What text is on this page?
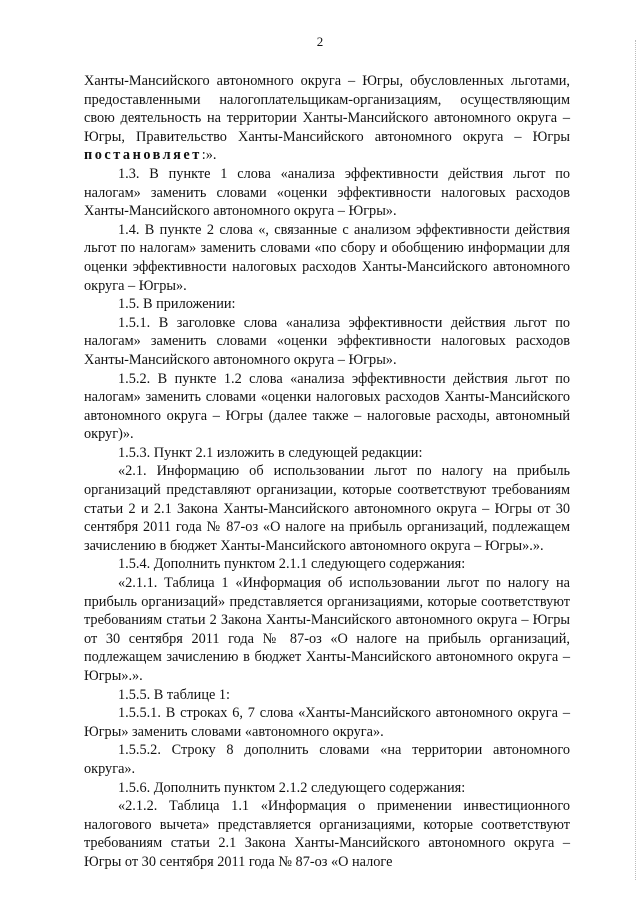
2

Ханты-Мансийского автономного округа – Югры, обусловленных льготами, предоставленными налогоплательщикам-организациям, осуществляющим свою деятельность на территории Ханты-Мансийского автономного округа – Югры, Правительство Ханты-Мансийского автономного округа – Югры постановляет:».

1.3. В пункте 1 слова «анализа эффективности действия льгот по налогам» заменить словами «оценки эффективности налоговых расходов Ханты-Мансийского автономного округа – Югры».

1.4. В пункте 2 слова «, связанные с анализом эффективности действия льгот по налогам» заменить словами «по сбору и обобщению информации для оценки эффективности налоговых расходов Ханты-Мансийского автономного округа – Югры».

1.5. В приложении:

1.5.1. В заголовке слова «анализа эффективности действия льгот по налогам» заменить словами «оценки эффективности налоговых расходов Ханты-Мансийского автономного округа – Югры».

1.5.2. В пункте 1.2 слова «анализа эффективности действия льгот по налогам» заменить словами «оценки налоговых расходов Ханты-Мансийского автономного округа – Югры (далее также – налоговые расходы, автономный округ)».

1.5.3. Пункт 2.1 изложить в следующей редакции:

«2.1. Информацию об использовании льгот по налогу на прибыль организаций представляют организации, которые соответствуют требованиям статьи 2 и 2.1 Закона Ханты-Мансийского автономного округа – Югры от 30 сентября 2011 года № 87-оз «О налоге на прибыль организаций, подлежащем зачислению в бюджет Ханты-Мансийского автономного округа – Югры».».

1.5.4. Дополнить пунктом 2.1.1 следующего содержания:

«2.1.1. Таблица 1 «Информация об использовании льгот по налогу на прибыль организаций» представляется организациями, которые соответствуют требованиям статьи 2 Закона Ханты-Мансийского автономного округа – Югры от 30 сентября 2011 года № 87-оз «О налоге на прибыль организаций, подлежащем зачислению в бюджет Ханты-Мансийского автономного округа – Югры».».

1.5.5. В таблице 1:

1.5.5.1. В строках 6, 7 слова «Ханты-Мансийского автономного округа – Югры» заменить словами «автономного округа».

1.5.5.2. Строку 8 дополнить словами «на территории автономного округа».

1.5.6. Дополнить пунктом 2.1.2 следующего содержания:

«2.1.2. Таблица 1.1 «Информация о применении инвестиционного налогового вычета» представляется организациями, которые соответствуют требованиям статьи 2.1 Закона Ханты-Мансийского автономного округа – Югры от 30 сентября 2011 года № 87-оз «О налоге
